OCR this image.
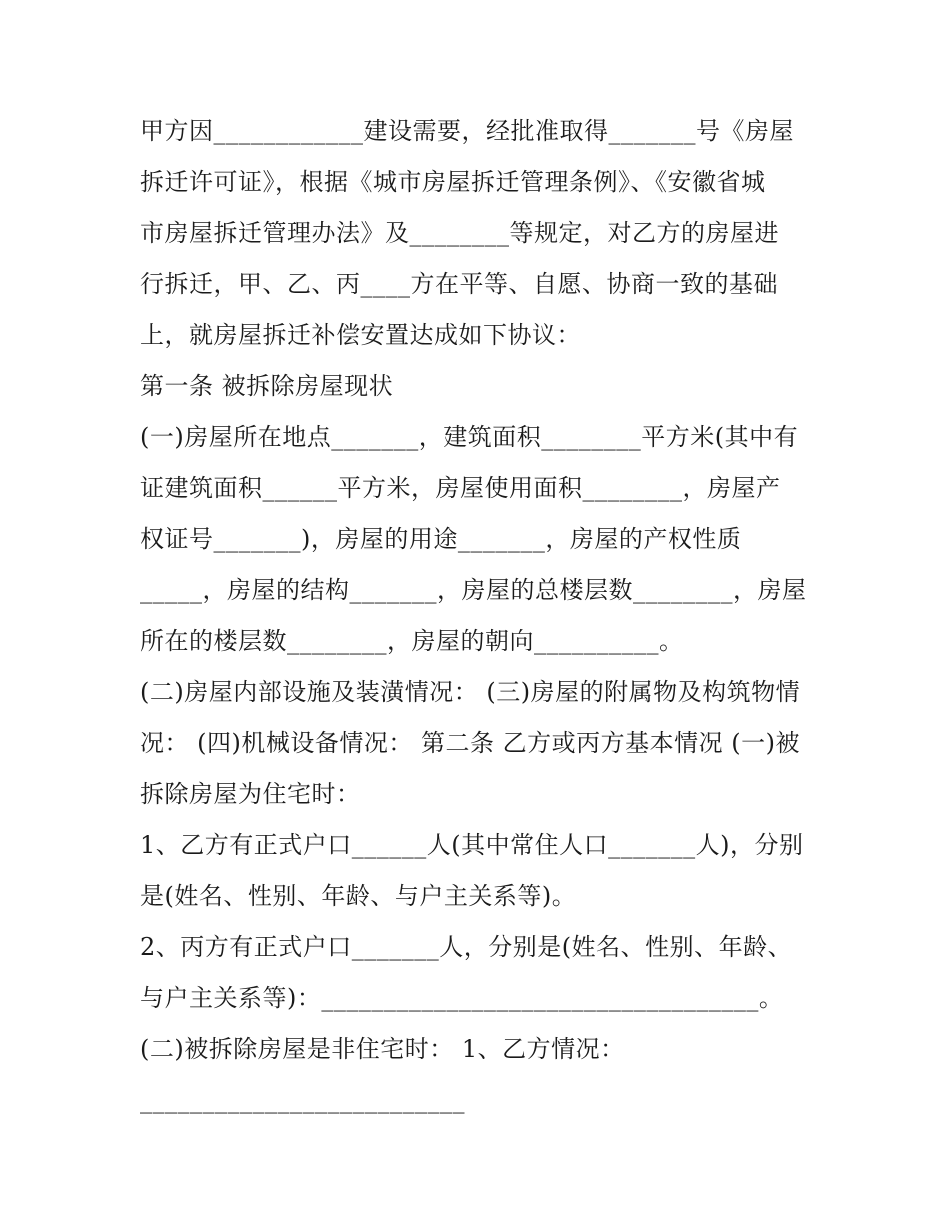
甲方因____________建设需要，经批准取得_______号《房屋
拆迁许可证》，根据《城市房屋拆迁管理条例》、《安徽省城
市房屋拆迁管理办法》及________等规定，对乙方的房屋进
行拆迁，甲、乙、丙____方在平等、自愿、协商一致的基础
上，就房屋拆迁补偿安置达成如下协议：
第一条 被拆除房屋现状
(一)房屋所在地点_______，建筑面积________平方米(其中有
证建筑面积______平方米，房屋使用面积________，房屋产
权证号_______)，房屋的用途_______，房屋的产权性质
_____，房屋的结构_______，房屋的总楼层数________，房屋
所在的楼层数________，房屋的朝向__________。
(二)房屋内部设施及装潢情况： (三)房屋的附属物及构筑物情
况： (四)机械设备情况： 第二条 乙方或丙方基本情况 (一)被
拆除房屋为住宅时：
1、乙方有正式户口______人(其中常住人口_______人)，分别
是(姓名、性别、年龄、与户主关系等)。
2、丙方有正式户口_______人，分别是(姓名、性别、年龄、
与户主关系等)：___________________________________。
(二)被拆除房屋是非住宅时： 1、乙方情况：
__________________________
